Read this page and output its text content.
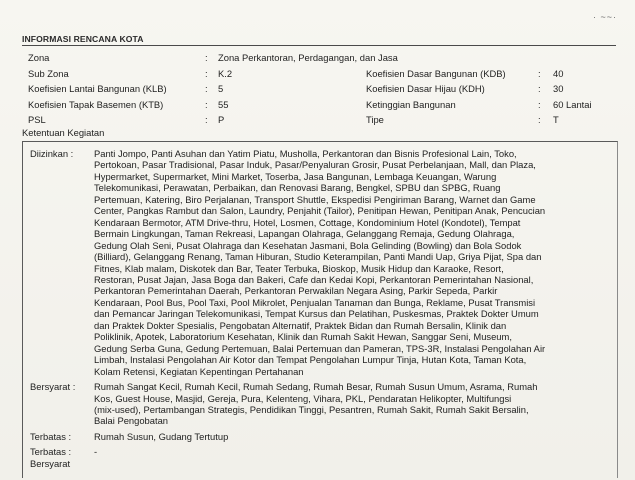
· ~~·
INFORMASI RENCANA KOTA
Zona	: Zona Perkantoran, Perdagangan, dan Jasa
Sub Zona	: K.2	Koefisien Dasar Bangunan (KDB)	: 40
Koefisien Lantai Bangunan (KLB)	: 5	Koefisien Dasar Hijau (KDH)	: 30
Koefisien Tapak Basemen (KTB)	: 55	Ketinggian Bangunan	: 60 Lantai
PSL	: P	Tipe	: T
Ketentuan Kegiatan
Diizinkan :	Panti Jompo, Panti Asuhan dan Yatim Piatu, Musholla, Perkantoran dan Bisnis Profesional Lain, Toko,
Pertokoan, Pasar Tradisional, Pasar Induk, Pasar/Penyaluran Grosir, Pusat Perbelanjaan, Mall, dan Plaza,
Hypermarket, Supermarket, Mini Market, Toserba, Jasa Bangunan, Lembaga Keuangan, Warung
Telekomunikasi, Perawatan, Perbaikan, dan Renovasi Barang, Bengkel, SPBU dan SPBG, Ruang
Pertemuan, Katering, Biro Perjalanan, Transport Shuttle, Ekspedisi Pengiriman Barang, Warnet dan Game
Center, Pangkas Rambut dan Salon, Laundry, Penjahit (Tailor), Penitipan Hewan, Penitipan Anak, Pencucian
Kendaraan Bermotor, ATM Drive-thru, Hotel, Losmen, Cottage, Kondominium Hotel (Kondotel), Tempat
Bermain Lingkungan, Taman Rekreasi, Lapangan Olahraga, Gelanggang Remaja, Gedung Olahraga,
Gedung Olah Seni, Pusat Olahraga dan Kesehatan Jasmani, Bola Gelinding (Bowling) dan Bola Sodok
(Billiard), Gelanggang Renang, Taman Hiburan, Studio Keterampilan, Panti Mandi Uap, Griya Pijat, Spa dan
Fitnes, Klab malam, Diskotek dan Bar, Teater Terbuka, Bioskop, Musik Hidup dan Karaoke, Resort,
Restoran, Pusat Jajan, Jasa Boga dan Bakeri, Cafe dan Kedai Kopi, Perkantoran Pemerintahan Nasional,
Perkantoran Pemerintahan Daerah, Perkantoran Perwakilan Negara Asing, Parkir Sepeda, Parkir
Kendaraan, Pool Bus, Pool Taxi, Pool Mikrolet, Penjualan Tanaman dan Bunga, Reklame, Pusat Transmisi
dan Pemancar Jaringan Telekomunikasi, Tempat Kursus dan Pelatihan, Puskesmas, Praktek Dokter Umum
dan Praktek Dokter Spesialis, Pengobatan Alternatif, Praktek Bidan dan Rumah Bersalin, Klinik dan
Poliklinik, Apotek, Laboratorium Kesehatan, Klinik dan Rumah Sakit Hewan, Sanggar Seni, Museum,
Gedung Serba Guna, Gedung Pertemuan, Balai Pertemuan dan Pameran, TPS-3R, Instalasi Pengolahan Air
Limbah, Instalasi Pengolahan Air Kotor dan Tempat Pengolahan Lumpur Tinja, Hutan Kota, Taman Kota,
Kolam Retensi, Kegiatan Kepentingan Pertahanan
Bersyarat :	Rumah Sangat Kecil, Rumah Kecil, Rumah Sedang, Rumah Besar, Rumah Susun Umum, Asrama, Rumah
Kos, Guest House, Masjid, Gereja, Pura, Kelenteng, Vihara, PKL, Pendaratan Helikopter, Multifungsi
(mix-used), Pertambangan Strategis, Pendidikan Tinggi, Pesantren, Rumah Sakit, Rumah Sakit Bersalin,
Balai Pengobatan
Terbatas :	Rumah Susun, Gudang Tertutup
Terbatas :
Bersyarat
-
